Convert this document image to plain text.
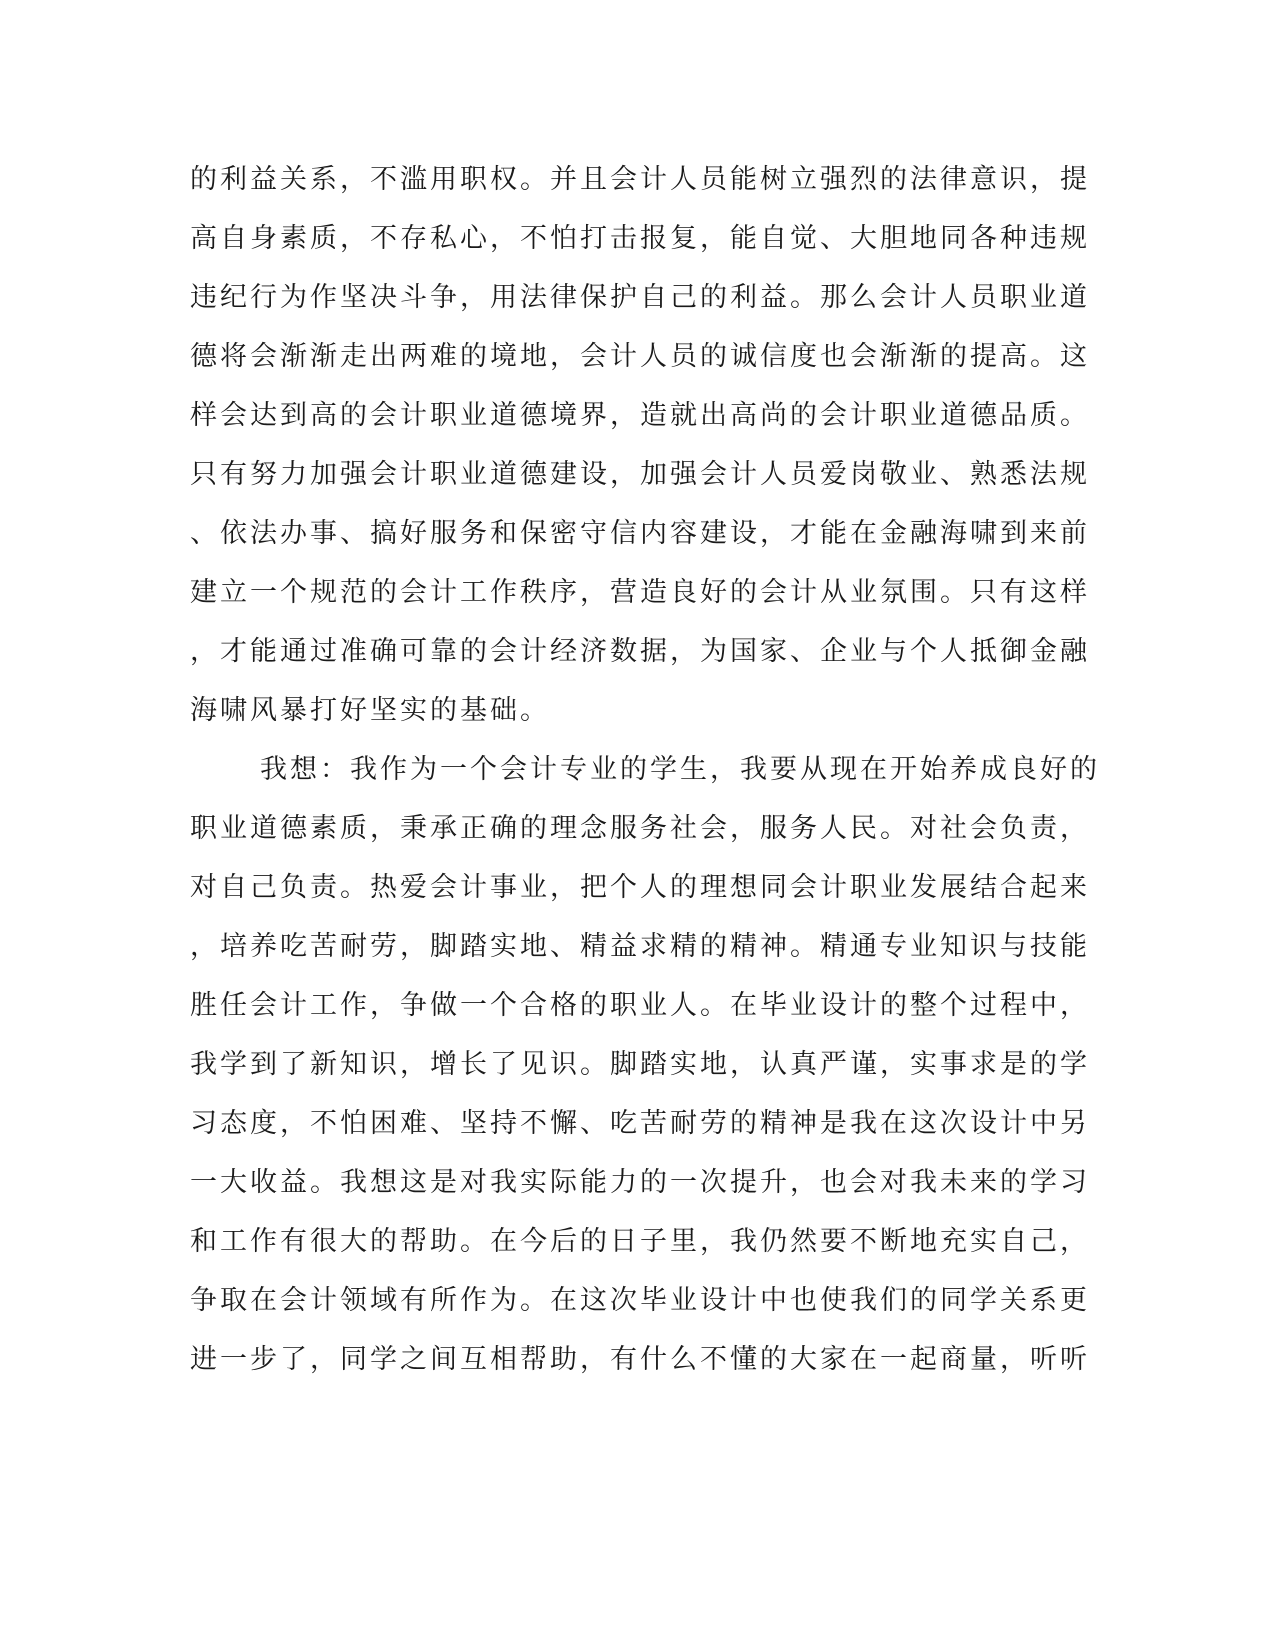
的利益关系，不滥用职权。并且会计人员能树立强烈的法律意识，提

高自身素质，不存私心，不怕打击报复，能自觉、大胆地同各种违规

违纪行为作坚决斗争，用法律保护自己的利益。那么会计人员职业道

德将会渐渐走出两难的境地，会计人员的诚信度也会渐渐的提高。这

样会达到高的会计职业道德境界，造就出高尚的会计职业道德品质。

只有努力加强会计职业道德建设，加强会计人员爱岗敬业、熟悉法规

、依法办事、搞好服务和保密守信内容建设，才能在金融海啸到来前

建立一个规范的会计工作秩序，营造良好的会计从业氛围。只有这样

，才能通过准确可靠的会计经济数据，为国家、企业与个人抵御金融

海啸风暴打好坚实的基础。

我想：我作为一个会计专业的学生，我要从现在开始养成良好的

职业道德素质，秉承正确的理念服务社会，服务人民。对社会负责，

对自己负责。热爱会计事业，把个人的理想同会计职业发展结合起来

，培养吃苦耐劳，脚踏实地、精益求精的精神。精通专业知识与技能

胜任会计工作，争做一个合格的职业人。在毕业设计的整个过程中，

我学到了新知识，增长了见识。脚踏实地，认真严谨，实事求是的学

习态度，不怕困难、坚持不懈、吃苦耐劳的精神是我在这次设计中另

一大收益。我想这是对我实际能力的一次提升，也会对我未来的学习

和工作有很大的帮助。在今后的日子里，我仍然要不断地充实自己，

争取在会计领域有所作为。在这次毕业设计中也使我们的同学关系更

进一步了，同学之间互相帮助，有什么不懂的大家在一起商量，听听
